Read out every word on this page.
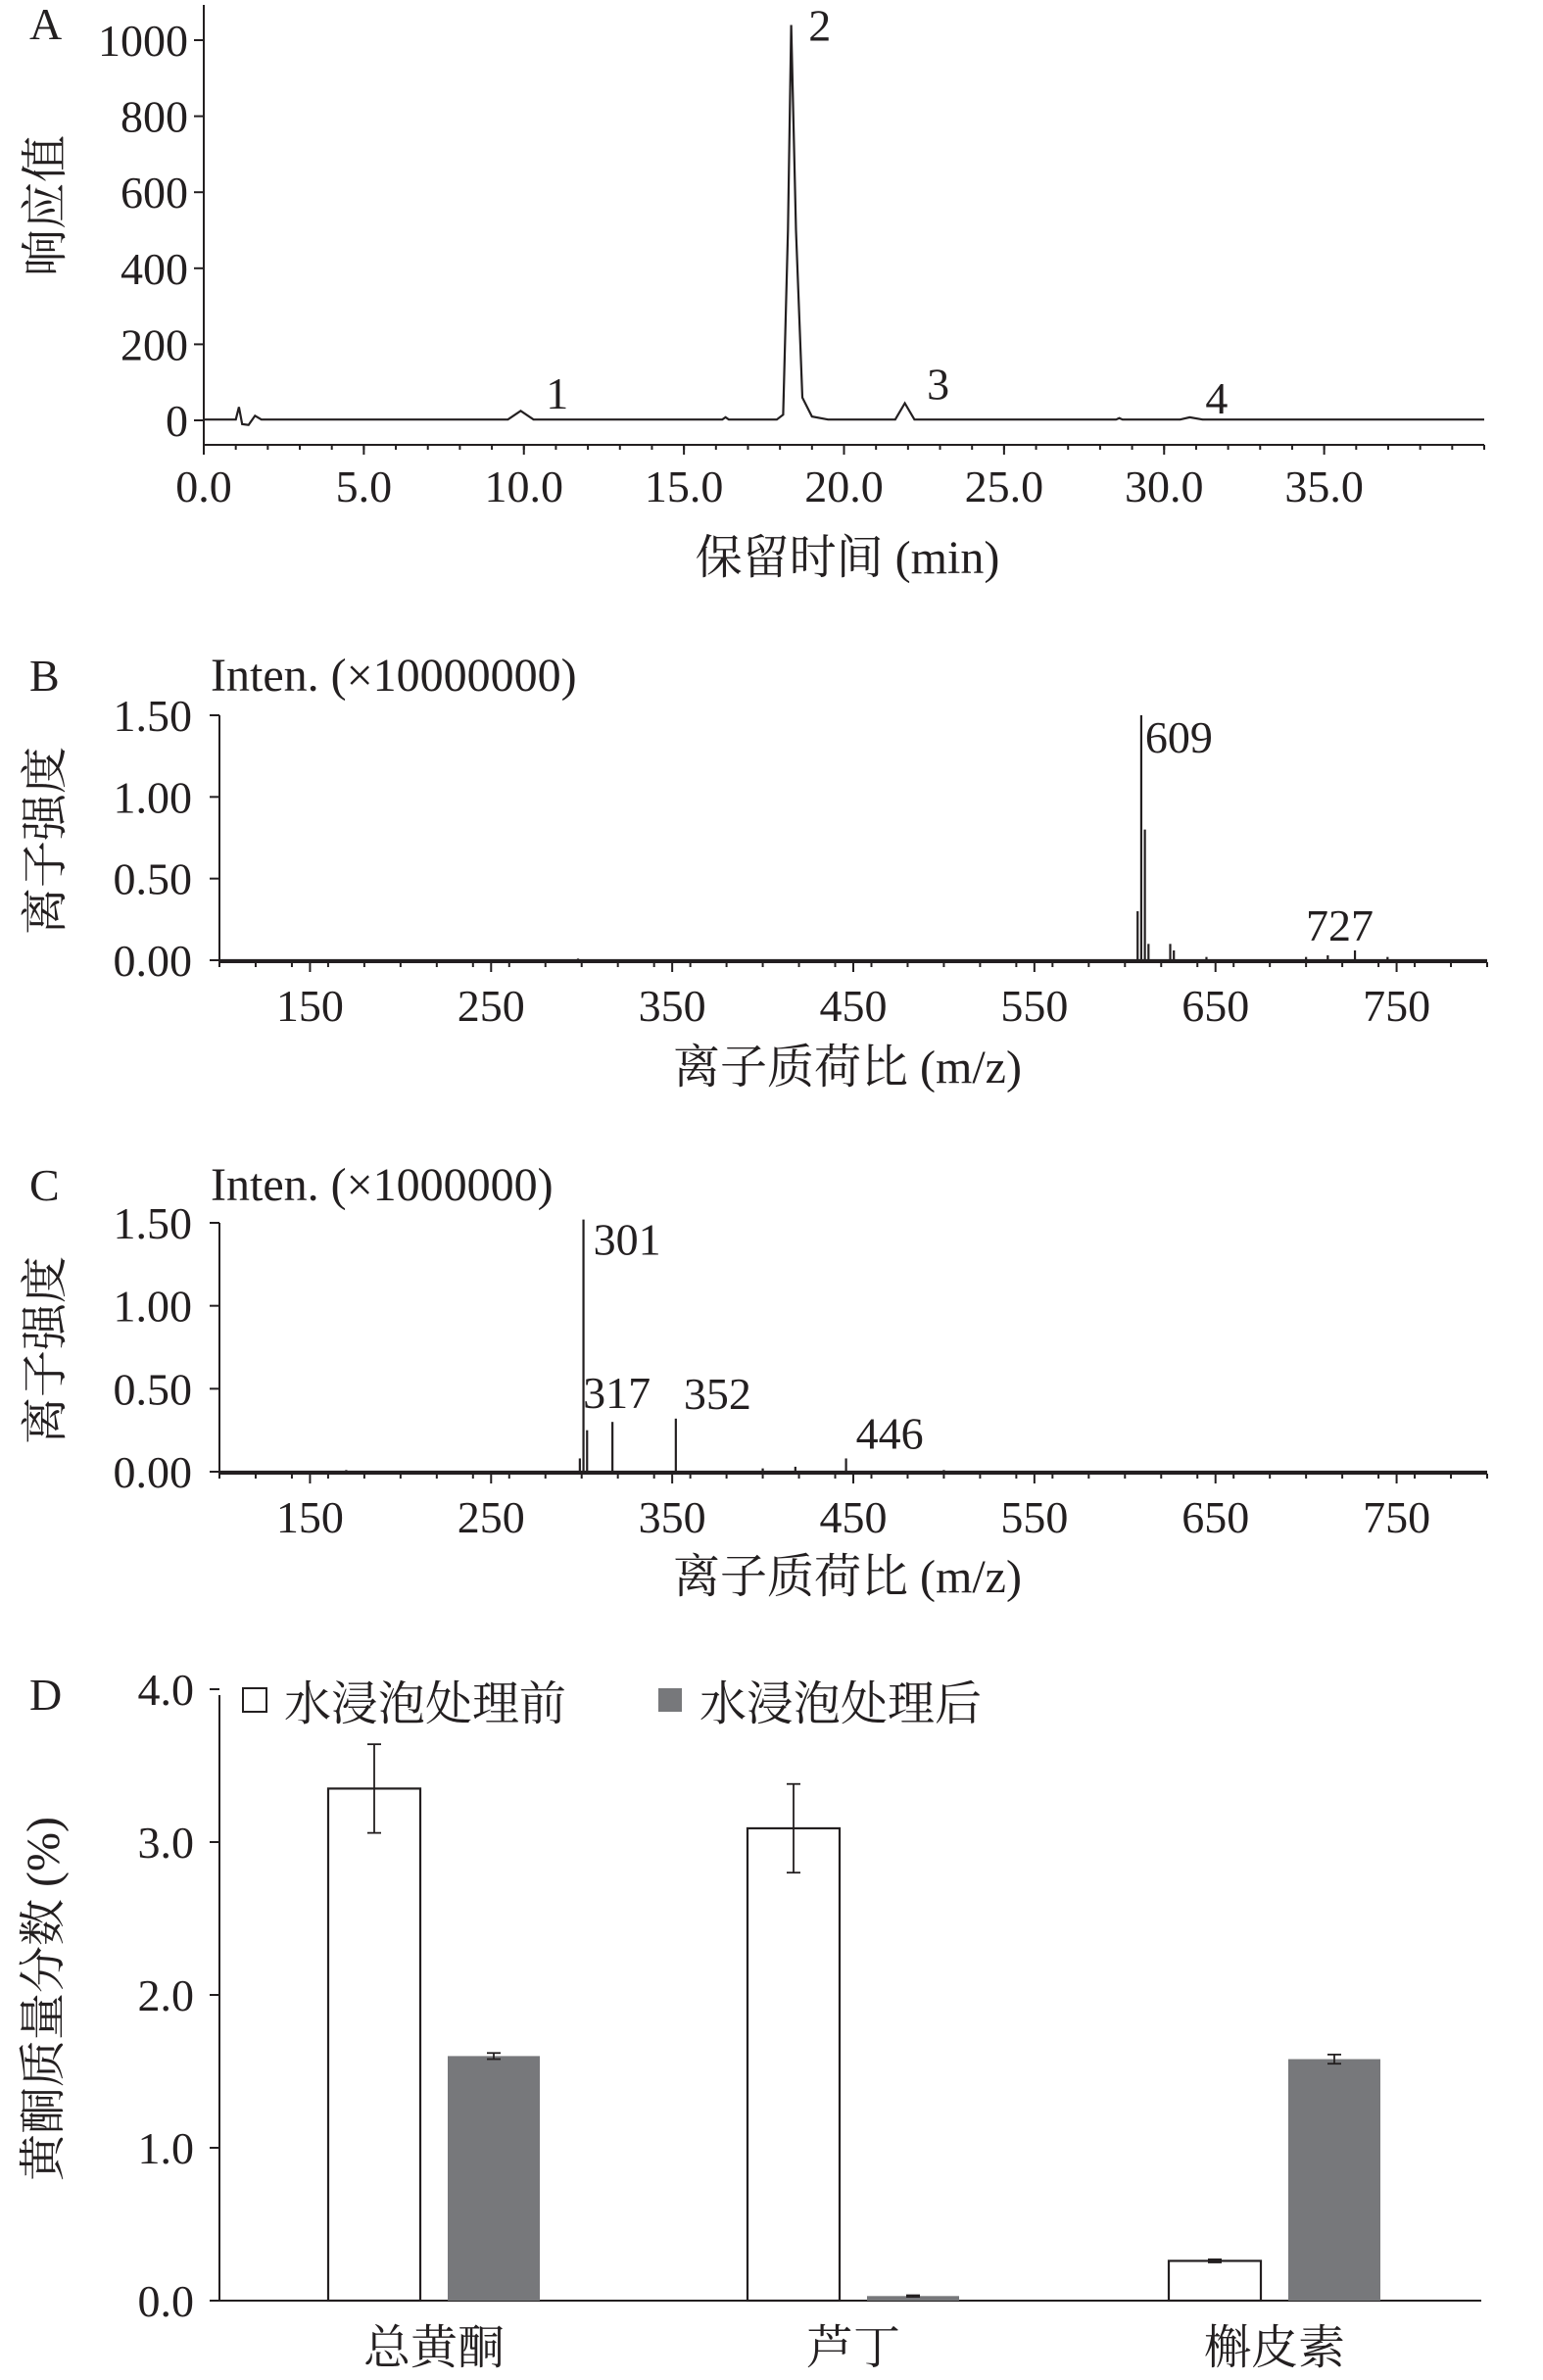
A
响应值
保留时间 (min)
0
200
400
600
800
1000
0.0 5.0 10.0 15.0 20.0 25.0 30.0 35.0
1
2
3	4
B	Inten. (×10000000)
离子强度
离子质荷比 (m/z)
0.00
0.50
1.00
1.50
150	250	350	450	550	650	750
609
727
C	Inten. (×1000000)
离子强度
离子质荷比 (m/z)
0.00
0.50
1.00
1.50
150	250	350	450	550	650	750
301
317 352
446
D
黄酮质量分数 (%)
0.0
1.0
2.0
3.0
4.0
总黄酮	芦丁	槲皮素
水浸泡处理前	水浸泡处理后
